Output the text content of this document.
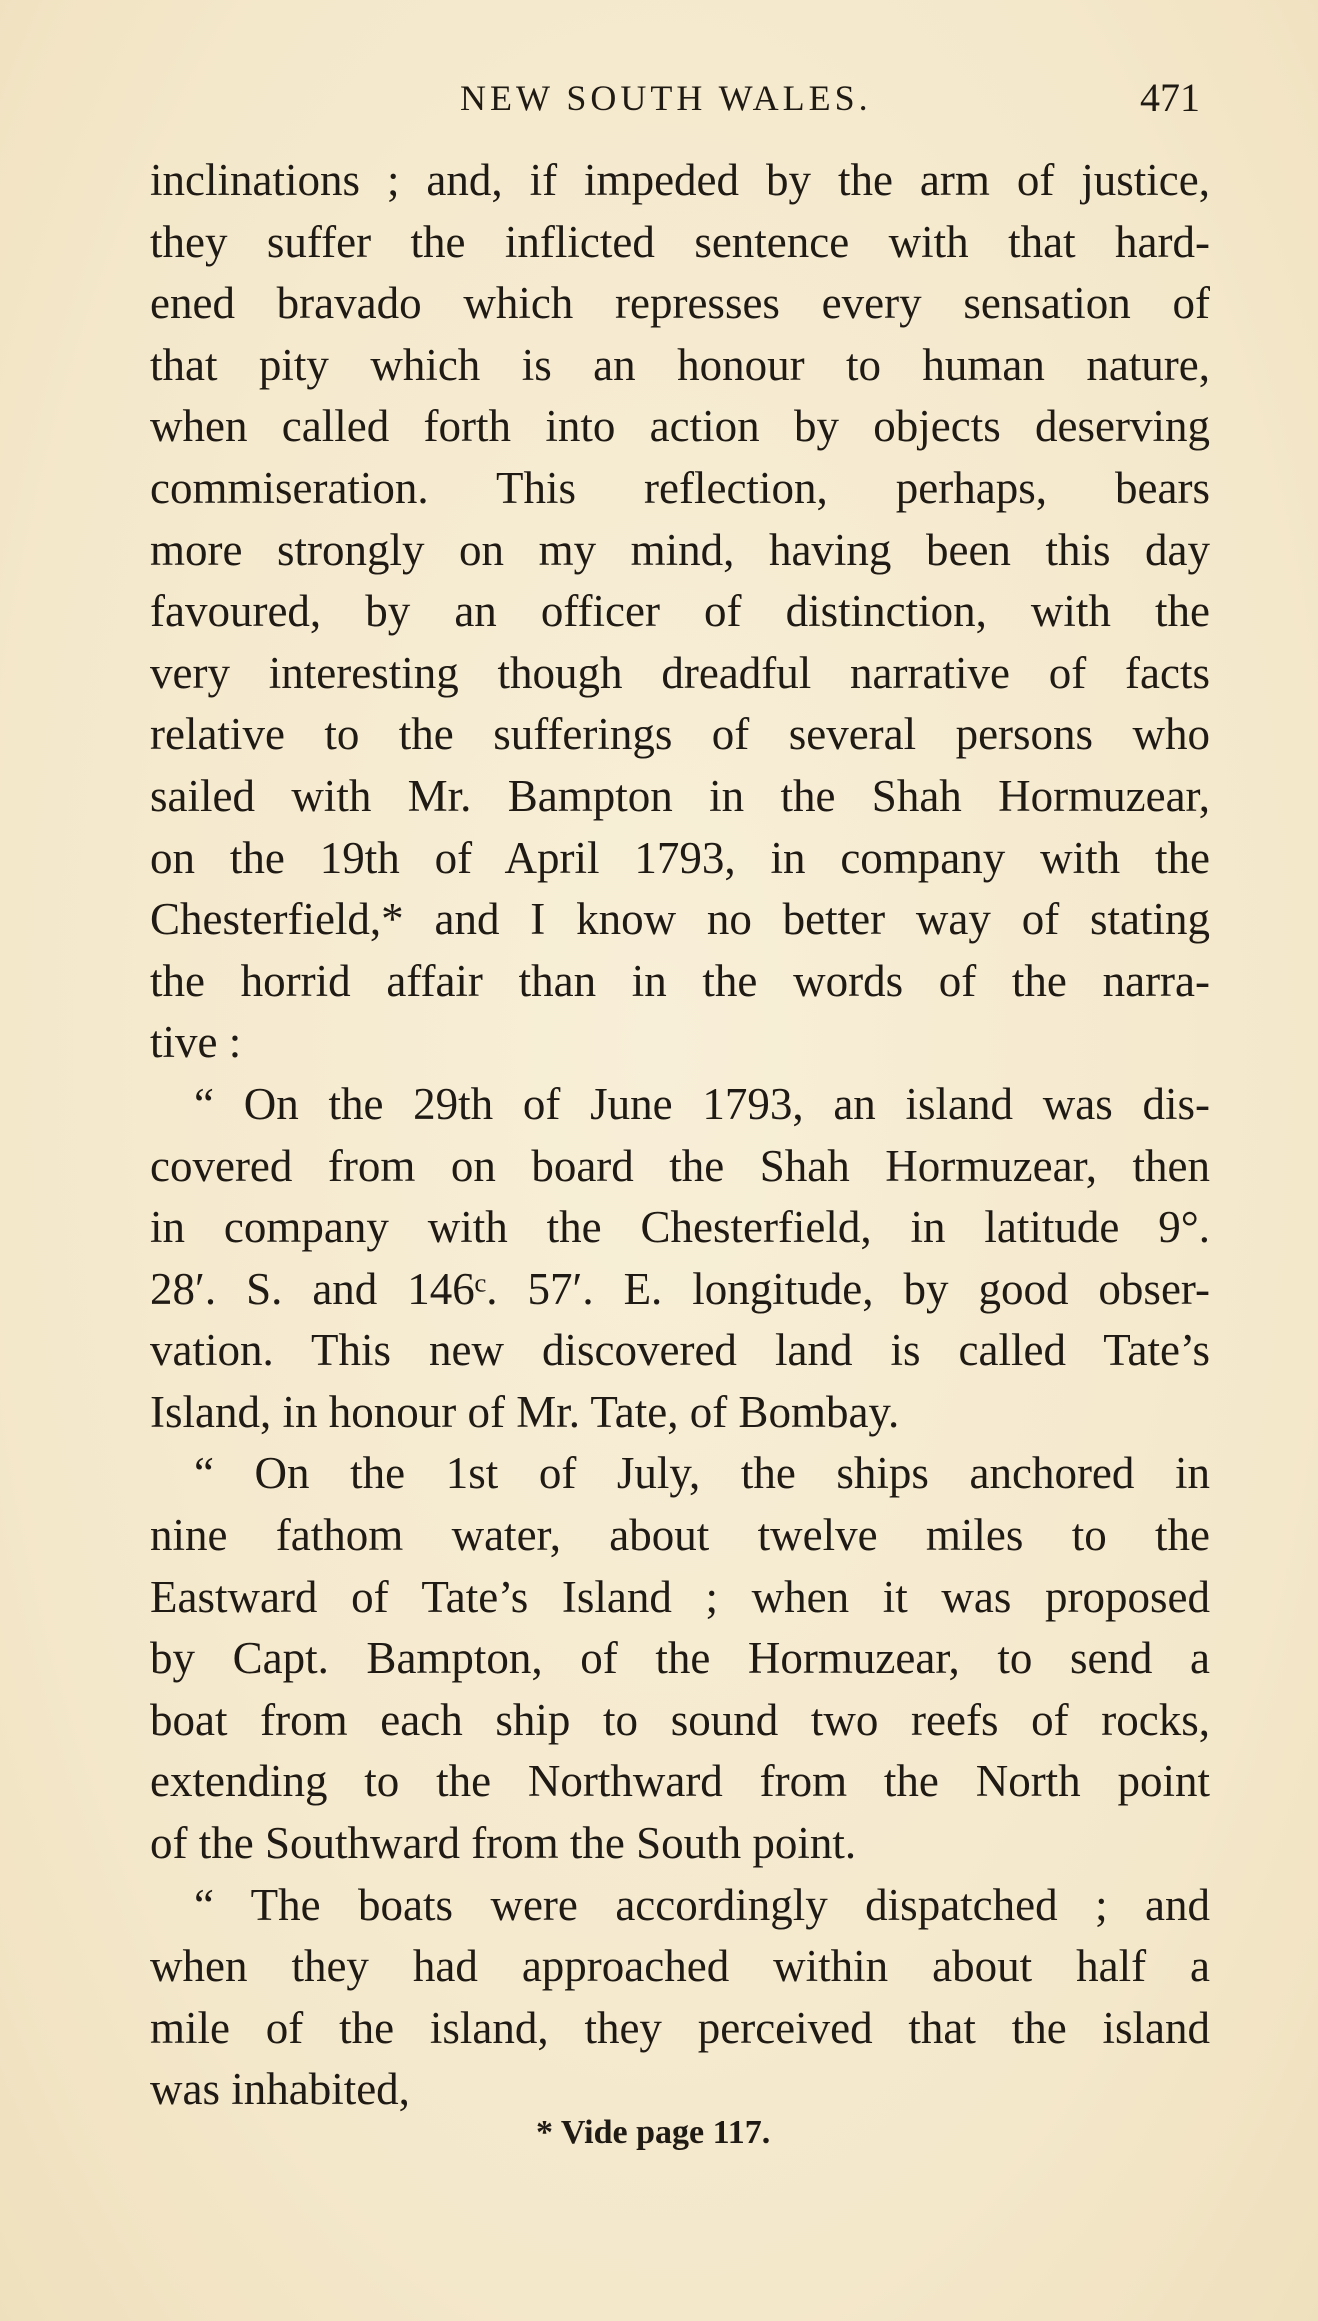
NEW SOUTH WALES.	471
inclinations ; and, if impeded by the arm of justice,
they suffer the inflicted sentence with that hard-
ened bravado which represses every sensation of
that pity which is an honour to human nature,
when called forth into action by objects deserving
commiseration. This reflection, perhaps, bears
more strongly on my mind, having been this day
favoured, by an officer of distinction, with the
very interesting though dreadful narrative of facts
relative to the sufferings of several persons who
sailed with Mr. Bampton in the Shah Hormuzear,
on the 19th of April 1793, in company with the
Chesterfield,* and I know no better way of stating
the horrid affair than in the words of the narra-
tive :
“ On the 29th of June 1793, an island was dis-
covered from on board the Shah Hormuzear, then
in company with the Chesterfield, in latitude 9°.
28′. S. and 146ᶜ. 57′. E. longitude, by good obser-
vation. This new discovered land is called Tate’s
Island, in honour of Mr. Tate, of Bombay.
“ On the 1st of July, the ships anchored in
nine fathom water, about twelve miles to the
Eastward of Tate’s Island ; when it was proposed
by Capt. Bampton, of the Hormuzear, to send a
boat from each ship to sound two reefs of rocks,
extending to the Northward from the North point
of the Southward from the South point.
“ The boats were accordingly dispatched ; and
when they had approached within about half a
mile of the island, they perceived that the island
was inhabited,
* Vide page 117.
